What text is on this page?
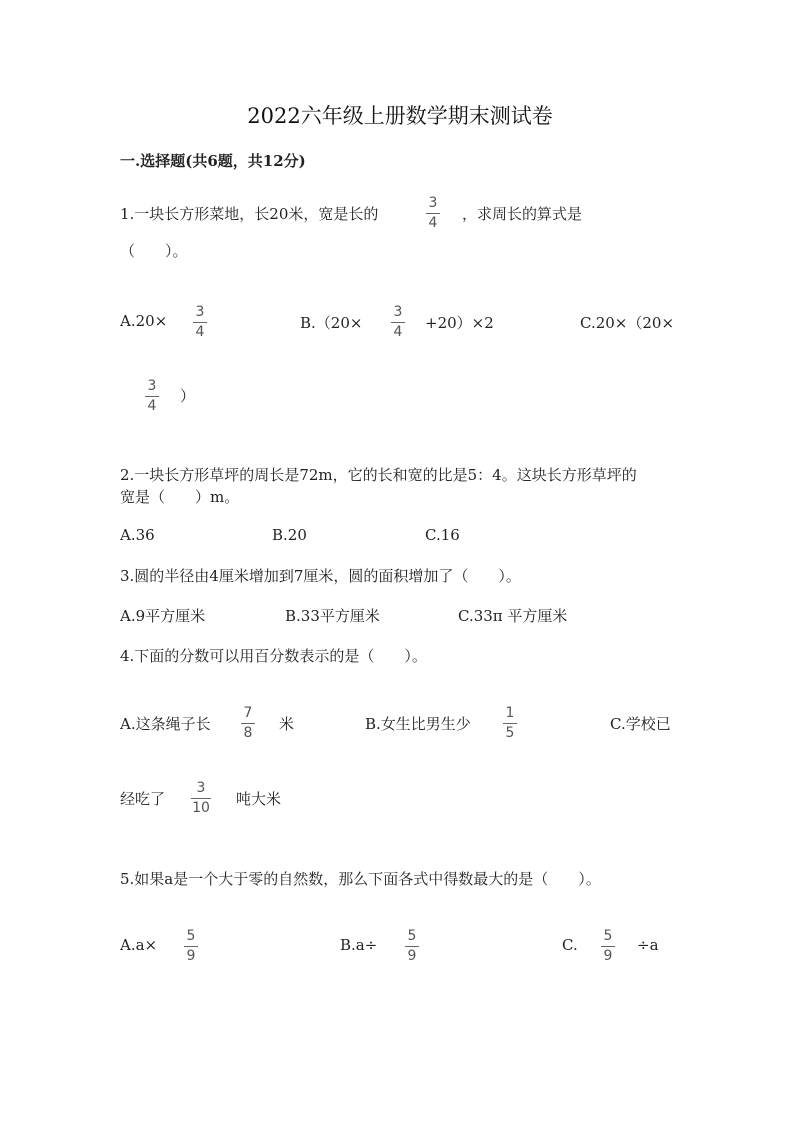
2022六年级上册数学期末测试卷
一.选择题(共6题，共12分)
1.一块长方形菜地，长20米，宽是长的
3
4 ，求周长的算式是
（　　）。
A.20× 3
4	B.（20×
3
4 +20）×2	C.20×（20×
3
4
）
2.一块长方形草坪的周长是72m，它的长和宽的比是5：4。这块长方形草坪的
宽是（　　）m。
A.36	B.20	C.16
3.圆的半径由4厘米增加到7厘米，圆的面积增加了（　　）。
A.9平方厘米	B.33平方厘米	C.33π 平方厘米
4.下面的分数可以用百分数表示的是（　　）。
A.这条绳子长
7
8 米	B.女生比男生少
1
5	C.学校已
经吃了
3
10 吨大米
5.如果a是一个大于零的自然数，那么下面各式中得数最大的是（　　）。
A.a× 5
9
B.a÷ 5
9
C. 5
9
÷a
